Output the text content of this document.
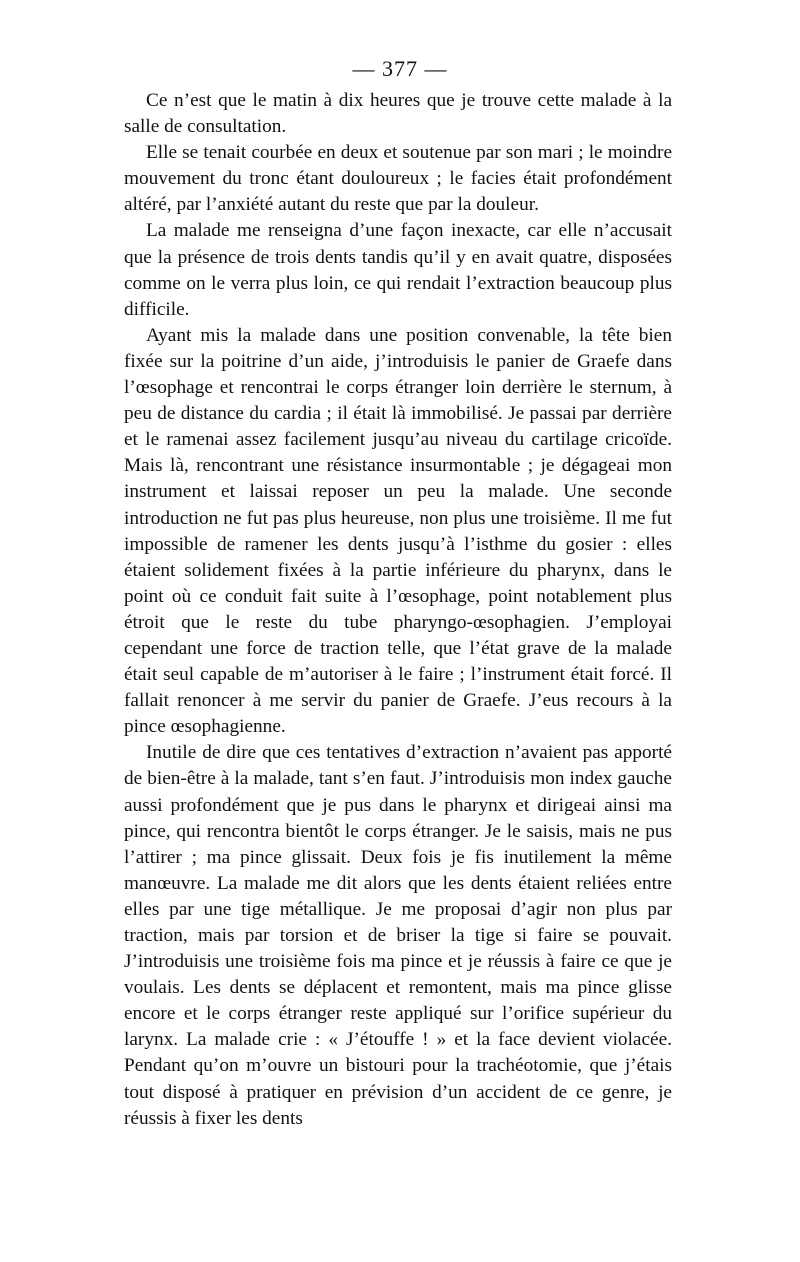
— 377 —

Ce n’est que le matin à dix heures que je trouve cette malade à la salle de consultation.

Elle se tenait courbée en deux et soutenue par son mari ; le moindre mouvement du tronc étant douloureux ; le facies était profondément altéré, par l’anxiété autant du reste que par la douleur.

La malade me renseigna d’une façon inexacte, car elle n’accusait que la présence de trois dents tandis qu’il y en avait quatre, disposées comme on le verra plus loin, ce qui rendait l’extraction beaucoup plus difficile.

Ayant mis la malade dans une position convenable, la tête bien fixée sur la poitrine d’un aide, j’introduisis le panier de Graefe dans l’œsophage et rencontrai le corps étranger loin derrière le sternum, à peu de distance du cardia ; il était là immobilisé. Je passai par derrière et le ramenai assez facilement jusqu’au niveau du cartilage cricoïde. Mais là, rencontrant une résistance insurmontable ; je dégageai mon instrument et laissai reposer un peu la malade. Une seconde introduction ne fut pas plus heureuse, non plus une troisième. Il me fut impossible de ramener les dents jusqu’à l’isthme du gosier : elles étaient solidement fixées à la partie inférieure du pharynx, dans le point où ce conduit fait suite à l’œsophage, point notablement plus étroit que le reste du tube pharyngo-œsophagien. J’employai cependant une force de traction telle, que l’état grave de la malade était seul capable de m’autoriser à le faire ; l’instrument était forcé. Il fallait renoncer à me servir du panier de Graefe. J’eus recours à la pince œsophagienne.

Inutile de dire que ces tentatives d’extraction n’avaient pas apporté de bien-être à la malade, tant s’en faut. J’introduisis mon index gauche aussi profondément que je pus dans le pharynx et dirigeai ainsi ma pince, qui rencontra bientôt le corps étranger. Je le saisis, mais ne pus l’attirer ; ma pince glissait. Deux fois je fis inutilement la même manœuvre. La malade me dit alors que les dents étaient reliées entre elles par une tige métallique. Je me proposai d’agir non plus par traction, mais par torsion et de briser la tige si faire se pouvait. J’introduisis une troisième fois ma pince et je réussis à faire ce que je voulais. Les dents se déplacent et remontent, mais ma pince glisse encore et le corps étranger reste appliqué sur l’orifice supérieur du larynx. La malade crie : « J’étouffe ! » et la face devient violacée. Pendant qu’on m’ouvre un bistouri pour la trachéotomie, que j’étais tout disposé à pratiquer en prévision d’un accident de ce genre, je réussis à fixer les dents
